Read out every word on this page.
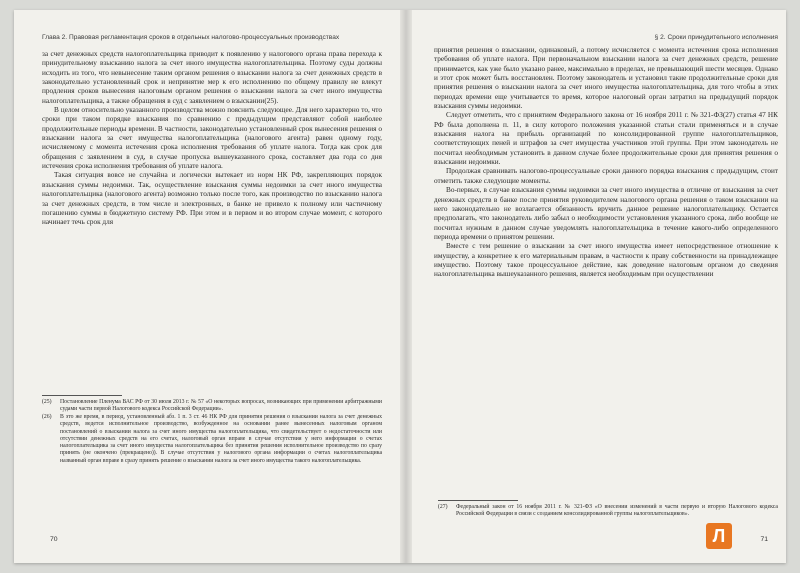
Глава 2. Правовая регламентация сроков в отдельных налогово-процессуальных производствах

за счет денежных средств налогоплательщика приводит к появлению у налогового органа права перехода к принудительному взысканию налога за счет иного имущества налогоплательщика. Поэтому суды должны исходить из того, что невынесение таким органом решения о взыскании налога за счет денежных средств в законодательно установленный срок и непринятие мер к его исполнению по общему правилу не влекут продления сроков вынесения налоговым органом решения о взыскании налога за счет иного имущества налогоплательщика, а также обращения в суд с заявлением о взыскании(25).

В целом относительно указанного производства можно пояснить следующее. Для него характерно то, что сроки при таком порядке взыскания по сравнению с предыдущим представляют собой наиболее продолжительные периоды времени. В частности, законодательно установленный срок вынесения решения о взыскании налога за счет имущества налогоплательщика (налогового агента) равен одному году, исчисляемому с момента истечения срока исполнения требования об уплате налога. Тогда как срок для обращения с заявлением в суд, в случае пропуска вышеуказанного срока, составляет два года со дня истечения срока исполнения требования об уплате налога.

Такая ситуация вовсе не случайна и логически вытекает из норм НК РФ, закрепляющих порядок взыскания суммы недоимки. Так, осуществление взыскания суммы недоимки за счет иного имущества налогоплательщика (налогового агента) возможно только после того, как производство по взысканию налога за счет денежных средств, в том числе и электронных, в банке не привело к полному или частичному погашению суммы в бюджетную систему РФ. При этом и в первом и во втором случае момент, с которого начинает течь срок для

(25)	Постановление Пленума ВАС РФ от 30 июля 2013 г. № 57 «О некоторых вопросах, возникающих при применении арбитражными судами части первой Налогового кодекса Российской Федерации».
(26)	В это же время, в период, установленный абз. 1 п. 3 ст. 46 НК РФ для принятия решения о взыскании налога за счет денежных средств, ведется исполнительное производство, возбужденное на основании ранее вынесенных налоговым органом постановлений о взыскании налога за счет иного имущества налогоплательщика, что свидетельствует о недостаточности или отсутствии денежных средств на его счетах, налоговый орган вправе в случае отсутствия у него информации о счетах налогоплательщика за счет иного имущества налогоплательщика без принятия решения исполнительное производство по сразу принять (не окончено (прекращено)). В случае отсутствия у налогового органа информации о счетах налогоплательщика названный орган вправе в сразу принять решение о взыскании налога за счет иного имущества такого налогоплательщика.
70
§ 2. Сроки принудительного исполнения

принятия решения о взыскании, одинаковый, а потому исчисляется с момента истечения срока исполнения требования об уплате налога. При первоначальном взыскании налога за счет денежных средств, решение принимается, как уже было указано ранее, максимально в пределах, не превышающий шести месяцев. Однако и этот срок может быть восстановлен. Поэтому законодатель и установил такие продолжительные сроки для принятия решения о взыскании налога за счет иного имущества налогоплательщика, для того чтобы в этих периодах времени еще учитывается то время, которое налоговый орган затратил на предыдущий порядок взыскания суммы недоимки.

Следует отметить, что с принятием Федерального закона от 16 ноября 2011 г. № 321-ФЗ(27) статья 47 НК РФ была дополнена п. 11, в силу которого положения указанной статьи стали применяться и в случае взыскания налога на прибыль организаций по консолидированной группе налогоплательщиков, соответствующих пеней и штрафов за счет имущества участников этой группы. При этом законодатель не посчитал необходимым установить в данном случае более продолжительные сроки для принятия решения о взыскании недоимки.

Продолжая сравнивать налогово-процессуальные сроки данного порядка взыскания с предыдущим, стоит отметить также следующие моменты.

Во-первых, в случае взыскания суммы недоимки за счет иного имущества в отличие от взыскания за счет денежных средств в банке после принятия руководителем налогового органа решения о таком взыскании на него законодательно не возлагается обязанность вручить данное решение налогоплательщику. Остается предполагать, что законодатель либо забыл о необходимости установления указанного срока, либо вообще не посчитал нужным в данном случае уведомлять налогоплательщика в течение какого-либо определенного периода времени о принятом решении.

Вместе с тем решение о взыскании за счет иного имущества имеет непосредственное отношение к имуществу, а конкретнее к его материальным правам, в частности к праву собственности на принадлежащее имущество. Поэтому такое процессуальное действие, как доведение налоговым органом до сведения налогоплательщика вышеуказанного решения, является необходимым при осуществлении

(27)	Федеральный закон от 16 ноября 2011 г. № 321-ФЗ «О внесении изменений в части первую и вторую Налогового кодекса Российской Федерации в связи с созданием консолидированной группы налогоплательщиков».
71
Л
